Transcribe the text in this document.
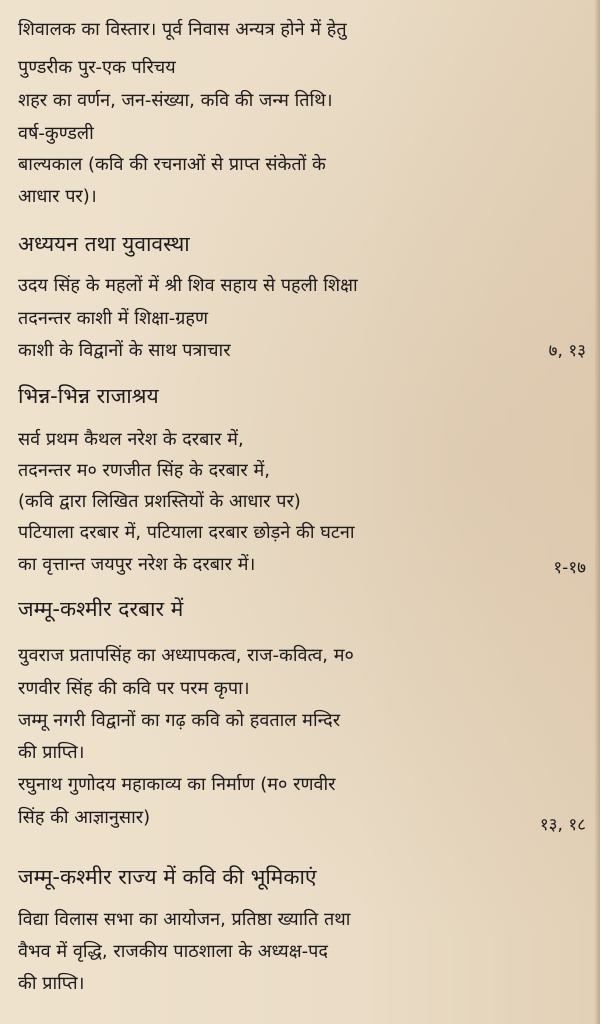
शिवालक का विस्तार। पूर्व निवास अन्यत्र होने में हेतु
पुण्डरीक पुर-एक परिचय
शहर का वर्णन, जन-संख्या, कवि की जन्म तिथि।
वर्ष-कुण्डली
बाल्यकाल (कवि की रचनाओं से प्राप्त संकेतों के
आधार पर)।
अध्ययन तथा युवावस्था
उदय सिंह के महलों में श्री शिव सहाय से पहली शिक्षा
तदनन्तर काशी में शिक्षा-ग्रहण
काशी के विद्वानों के साथ पत्राचार	७, १३
भिन्न-भिन्न राजाश्रय
सर्व प्रथम कैथल नरेश के दरबार में,
तदनन्तर म० रणजीत सिंह के दरबार में,
(कवि द्वारा लिखित प्रशस्तियों के आधार पर)
पटियाला दरबार में, पटियाला दरबार छोड़ने की घटना
का वृत्तान्त जयपुर नरेश के दरबार में।	१-१७
जम्मू-कश्मीर दरबार में
युवराज प्रतापसिंह का अध्यापकत्व, राज-कवित्व, म०
रणवीर सिंह की कवि पर परम कृपा।
जम्मू नगरी विद्वानों का गढ़ कवि को हवताल मन्दिर
की प्राप्ति।
रघुनाथ गुणोदय महाकाव्य का निर्माण (म० रणवीर
सिंह की आज्ञानुसार)	१३, १८
जम्मू-कश्मीर राज्य में कवि की भूमिकाएं
विद्या विलास सभा का आयोजन, प्रतिष्ठा ख्याति तथा
वैभव में वृद्धि, राजकीय पाठशाला के अध्यक्ष-पद
की प्राप्ति।
